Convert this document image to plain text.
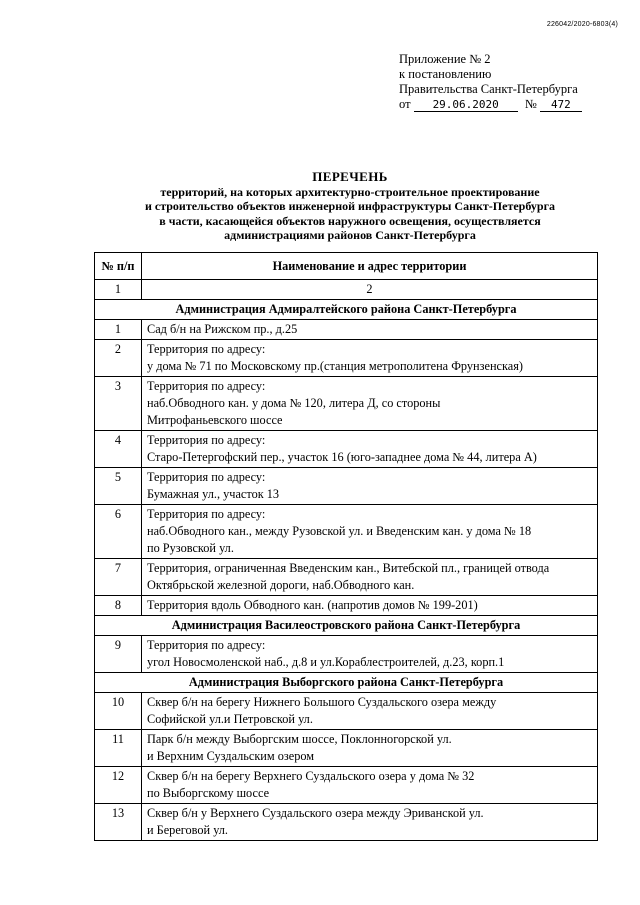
226042/2020-6803(4)
Приложение № 2
к постановлению
Правительства Санкт-Петербурга
от 29.06.2020 № 472
ПЕРЕЧЕНЬ
территорий, на которых архитектурно-строительное проектирование
и строительство объектов инженерной инфраструктуры Санкт-Петербурга
в части, касающейся объектов наружного освещения, осуществляется
администрациями районов Санкт-Петербурга
№ п/п	Наименование и адрес территории
1	2
Администрация Адмиралтейского района Санкт-Петербурга	
1	Сад б/н на Рижском пр., д.25

2	Территория по адресу:
у дома № 71 по Московскому пр.(станция метрополитена Фрунзенская)

3	Территория по адресу:
наб.Обводного кан. у дома № 120, литера Д, со стороны
Митрофаньевского шоссе

4	Территория по адресу:
Старо-Петергофский пер., участок 16 (юго-западнее дома № 44, литера А)

5	Территория по адресу:
Бумажная ул., участок 13

6	Территория по адресу:
наб.Обводного кан., между Рузовской ул. и Введенским кан. у дома № 18
по Рузовской ул.

7	Территория, ограниченная Введенским кан., Витебской пл., границей отвода
Октябрьской железной дороги, наб.Обводного кан.

8	Территория вдоль Обводного кан. (напротив домов № 199-201)

Администрация Василеостровского района Санкт-Петербурга	
9	Территория по адресу:
угол Новосмоленской наб., д.8 и ул.Кораблестроителей, д.23, корп.1

Администрация Выборгского района Санкт-Петербурга	
10	Сквер б/н на берегу Нижнего Большого Суздальского озера между
Софийской ул.и Петровской ул.

11	Парк б/н между Выборгским шоссе, Поклонногорской ул.
и Верхним Суздальским озером

12	Сквер б/н на берегу Верхнего Суздальского озера у дома № 32
по Выборгскому шоссе

13	Сквер б/н у Верхнего Суздальского озера между Эриванской ул.
и Береговой ул.
